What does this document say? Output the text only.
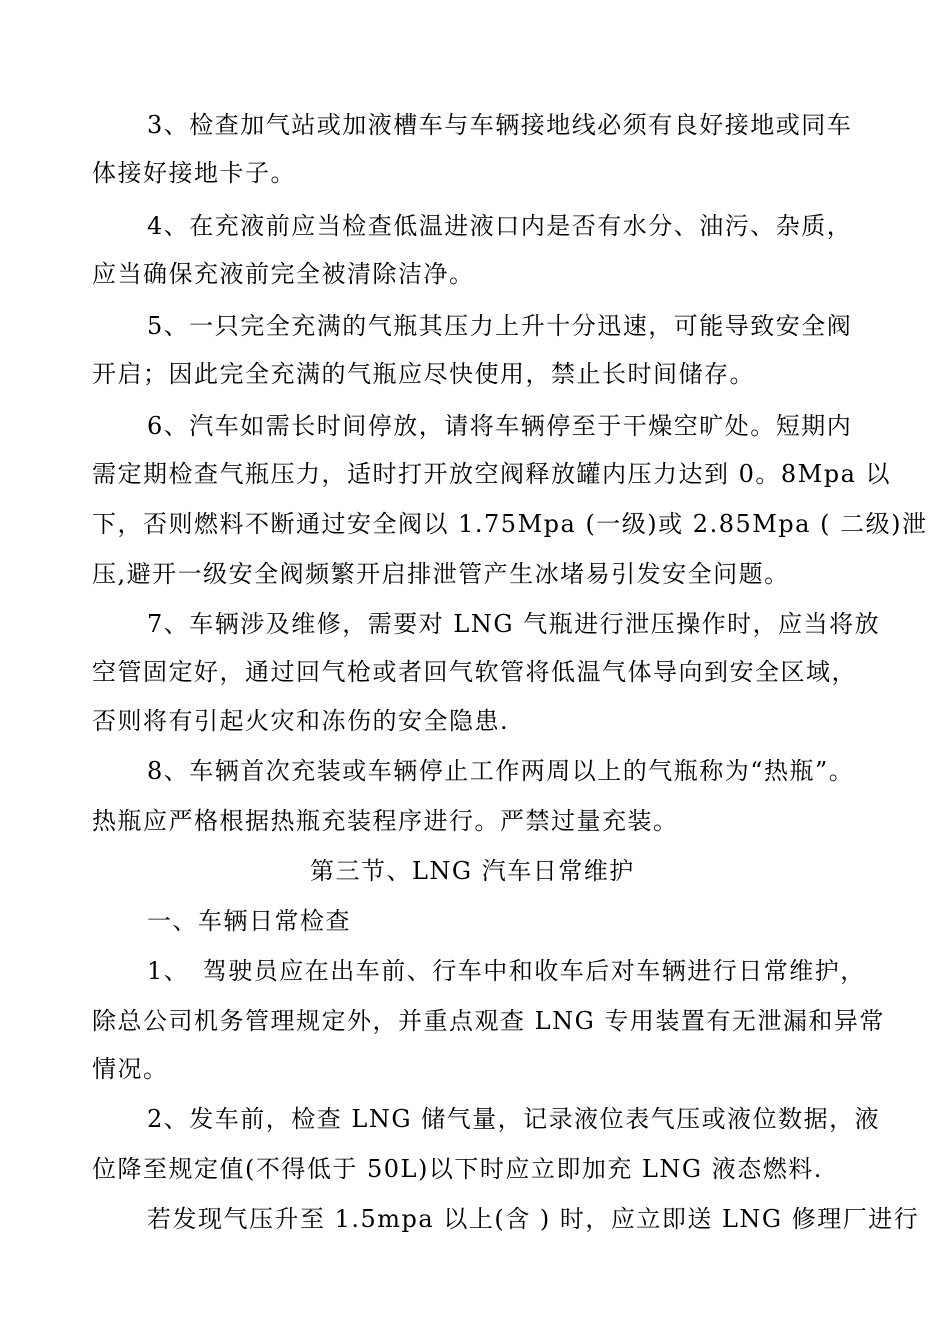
3、检查加气站或加液槽车与车辆接地线必须有良好接地或同车
体接好接地卡子。
4、在充液前应当检查低温进液口内是否有水分、油污、杂质，
应当确保充液前完全被清除洁净。
5、一只完全充满的气瓶其压力上升十分迅速，可能导致安全阀
开启；因此完全充满的气瓶应尽快使用，禁止长时间储存。
6、汽车如需长时间停放，请将车辆停至于干燥空旷处。短期内
需定期检查气瓶压力，适时打开放空阀释放罐内压力达到 0。8Mpa 以
下，否则燃料不断通过安全阀以 1.75Mpa (一级)或 2.85Mpa ( 二级)泄
压,避开一级安全阀频繁开启排泄管产生冰堵易引发安全问题。
7、车辆涉及维修，需要对 LNG 气瓶进行泄压操作时，应当将放
空管固定好，通过回气枪或者回气软管将低温气体导向到安全区域，
否则将有引起火灾和冻伤的安全隐患.
8、车辆首次充装或车辆停止工作两周以上的气瓶称为“热瓶”。
热瓶应严格根据热瓶充装程序进行。严禁过量充装。
第三节、LNG 汽车日常维护
一、车辆日常检查
1、　驾驶员应在出车前、行车中和收车后对车辆进行日常维护，
除总公司机务管理规定外，并重点观查 LNG 专用装置有无泄漏和异常
情况。
2、发车前，检查 LNG 储气量，记录液位表气压或液位数据，液
位降至规定值(不得低于 50L)以下时应立即加充 LNG 液态燃料.
若发现气压升至 1.5mpa 以上(含 ) 时，应立即送 LNG 修理厂进行
